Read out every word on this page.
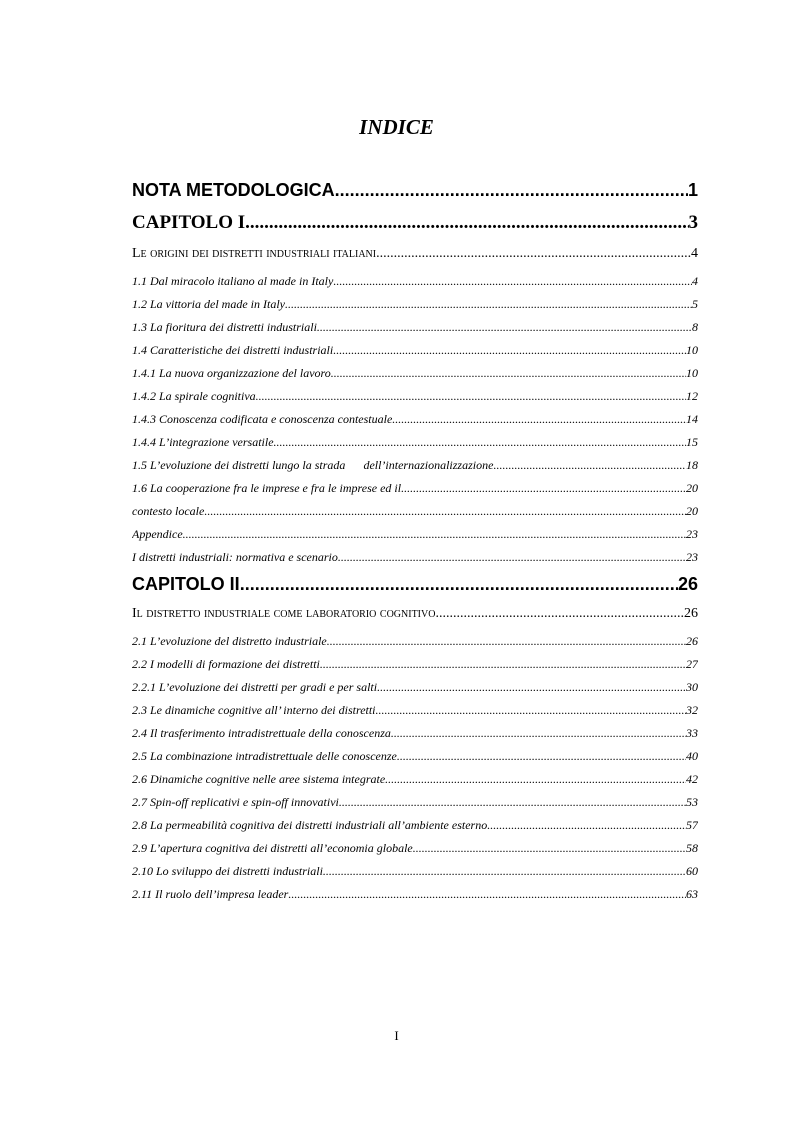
INDICE
NOTA METODOLOGICA .....	1
CAPITOLO I .....	3
Le origini dei distretti industriali italiani .....	4
1.1 Dal miracolo italiano al made in Italy .....	4
1.2 La vittoria del made in Italy .....	5
1.3 La fioritura dei distretti industriali .....	8
1.4 Caratteristiche dei distretti industriali .....	10
1.4.1 La nuova organizzazione del lavoro .....	10
1.4.2 La spirale cognitiva .....	12
1.4.3 Conoscenza codificata e conoscenza contestuale .....	14
1.4.4 L’integrazione versatile .....	15
1.5 L’evoluzione dei distretti lungo la strada dell’internazionalizzazione .....	18
1.6 La cooperazione fra le imprese e fra le imprese ed il .....	20
contesto locale .....	20
Appendice .....	23
I distretti industriali: normativa e scenario .....	23
CAPITOLO II .....	26
Il distretto industriale come laboratorio cognitivo .....	26
2.1 L’evoluzione del distretto industriale .....	26
2.2 I modelli di formazione dei distretti .....	27
2.2.1 L’evoluzione dei distretti per gradi e per salti .....	30
2.3 Le dinamiche cognitive all’ interno dei distretti .....	32
2.4 Il trasferimento intradistrettuale della conoscenza .....	33
2.5 La combinazione intradistrettuale delle conoscenze .....	40
2.6 Dinamiche cognitive nelle aree sistema integrate .....	42
2.7 Spin-off replicativi e spin-off innovativi .....	53
2.8 La permeabilità cognitiva dei distretti industriali all’ambiente esterno .....	57
2.9 L’apertura cognitiva dei distretti all’economia globale .....	58
2.10 Lo sviluppo dei distretti industriali .....	60
2.11 Il ruolo dell’impresa leader .....	63
I
